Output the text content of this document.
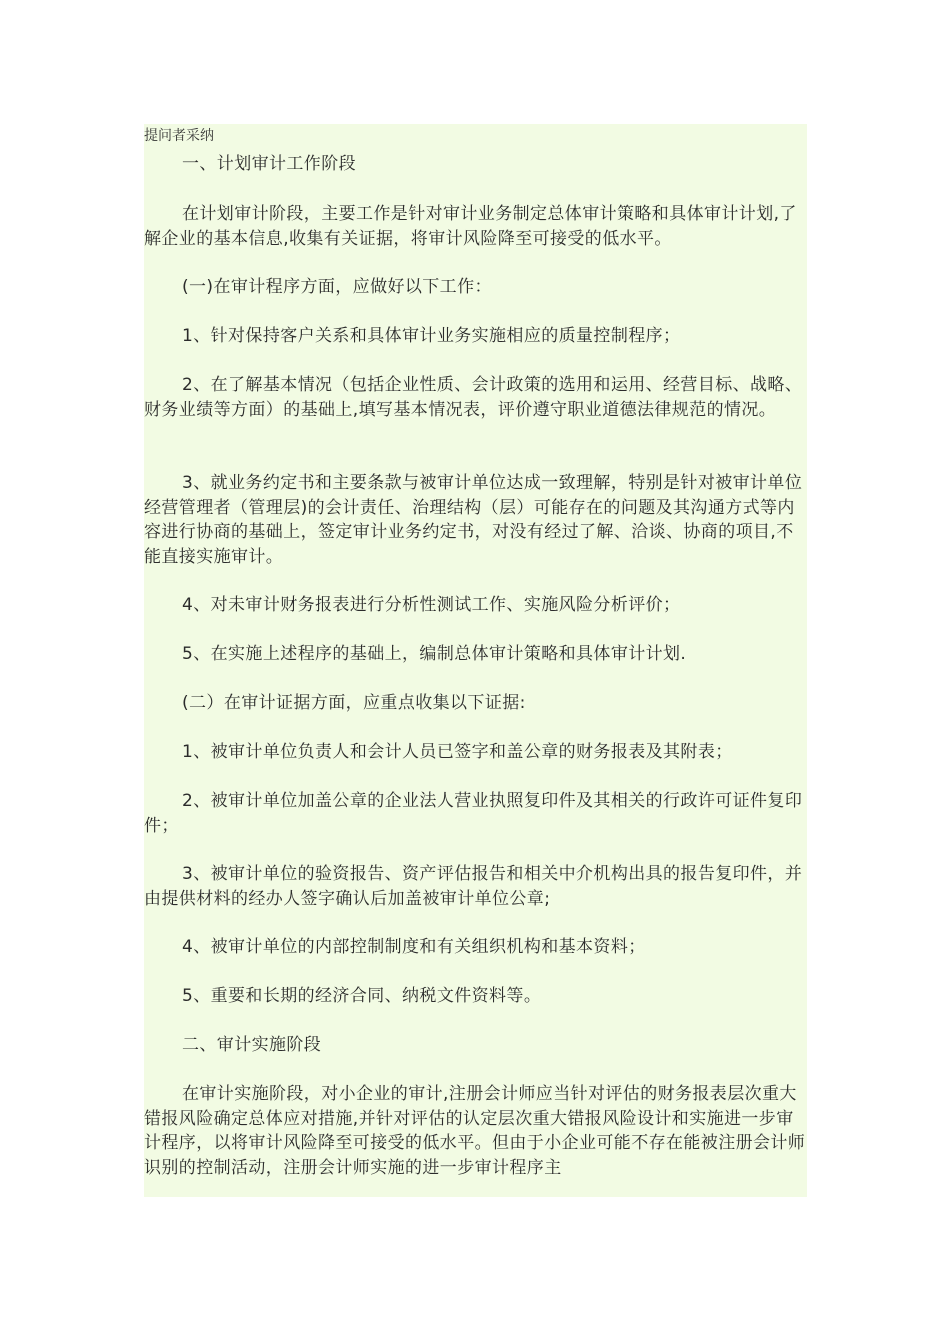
提问者采纳

一、计划审计工作阶段

在计划审计阶段，主要工作是针对审计业务制定总体审计策略和具体审计计划,了解企业的基本信息,收集有关证据，将审计风险降至可接受的低水平。

(一)在审计程序方面，应做好以下工作：

1、针对保持客户关系和具体审计业务实施相应的质量控制程序；

2、在了解基本情况（包括企业性质、会计政策的选用和运用、经营目标、战略、财务业绩等方面）的基础上,填写基本情况表，评价遵守职业道德法律规范的情况。

3、就业务约定书和主要条款与被审计单位达成一致理解，特别是针对被审计单位经营管理者（管理层)的会计责任、治理结构（层）可能存在的问题及其沟通方式等内容进行协商的基础上，签定审计业务约定书，对没有经过了解、洽谈、协商的项目,不能直接实施审计。

4、对未审计财务报表进行分析性测试工作、实施风险分析评价；

5、在实施上述程序的基础上，编制总体审计策略和具体审计计划.

(二）在审计证据方面，应重点收集以下证据:

1、被审计单位负责人和会计人员已签字和盖公章的财务报表及其附表；

2、被审计单位加盖公章的企业法人营业执照复印件及其相关的行政许可证件复印件；

3、被审计单位的验资报告、资产评估报告和相关中介机构出具的报告复印件，并由提供材料的经办人签字确认后加盖被审计单位公章;

4、被审计单位的内部控制制度和有关组织机构和基本资料；

5、重要和长期的经济合同、纳税文件资料等。

二、审计实施阶段

在审计实施阶段，对小企业的审计,注册会计师应当针对评估的财务报表层次重大错报风险确定总体应对措施,并针对评估的认定层次重大错报风险设计和实施进一步审计程序，以将审计风险降至可接受的低水平。但由于小企业可能不存在能被注册会计师识别的控制活动，注册会计师实施的进一步审计程序主
